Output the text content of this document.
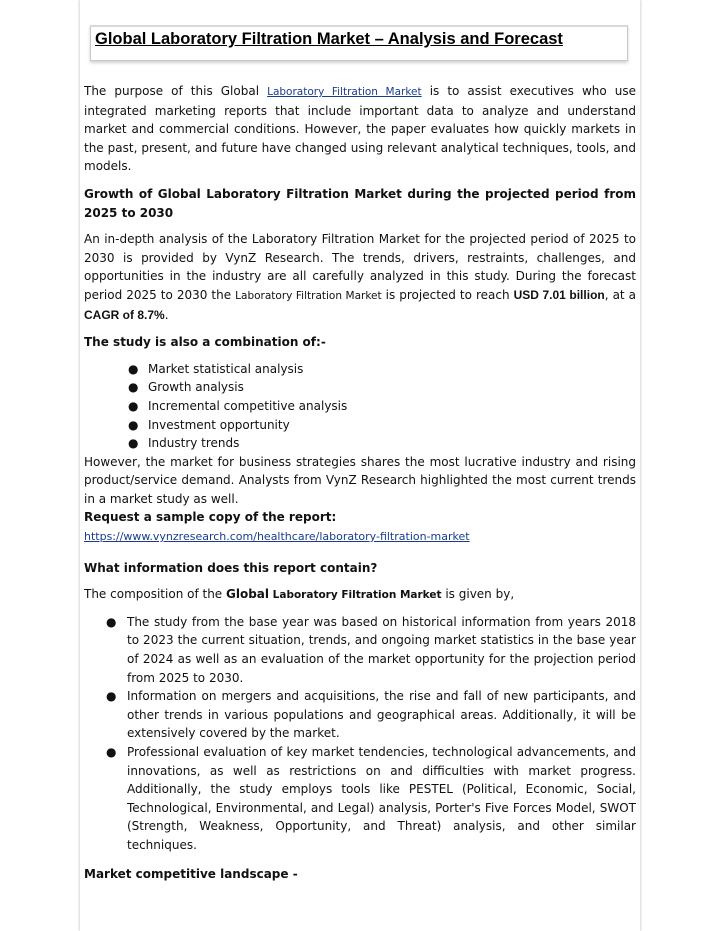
Global Laboratory Filtration Market – Analysis and Forecast

The purpose of this Global Laboratory Filtration Market is to assist executives who use integrated marketing reports that include important data to analyze and understand market and commercial conditions. However, the paper evaluates how quickly markets in the past, present, and future have changed using relevant analytical techniques, tools, and models.

Growth of Global Laboratory Filtration Market during the projected period from 2025 to 2030

An in-depth analysis of the Laboratory Filtration Market for the projected period of 2025 to 2030 is provided by VynZ Research. The trends, drivers, restraints, challenges, and opportunities in the industry are all carefully analyzed in this study. During the forecast period 2025 to 2030 the Laboratory Filtration Market is projected to reach USD 7.01 billion, at a CAGR of 8.7%.

The study is also a combination of:-

● Market statistical analysis
● Growth analysis
● Incremental competitive analysis
● Investment opportunity
● Industry trends

However, the market for business strategies shares the most lucrative industry and rising product/service demand. Analysts from VynZ Research highlighted the most current trends in a market study as well.

Request a sample copy of the report: https://www.vynzresearch.com/healthcare/laboratory-filtration-market

What information does this report contain?

The composition of the Global Laboratory Filtration Market is given by,

● The study from the base year was based on historical information from years 2018 to 2023 the current situation, trends, and ongoing market statistics in the base year of 2024 as well as an evaluation of the market opportunity for the projection period from 2025 to 2030.
● Information on mergers and acquisitions, the rise and fall of new participants, and other trends in various populations and geographical areas. Additionally, it will be extensively covered by the market.
● Professional evaluation of key market tendencies, technological advancements, and innovations, as well as restrictions on and difficulties with market progress. Additionally, the study employs tools like PESTEL (Political, Economic, Social, Technological, Environmental, and Legal) analysis, Porter's Five Forces Model, SWOT (Strength, Weakness, Opportunity, and Threat) analysis, and other similar techniques.

Market competitive landscape -
